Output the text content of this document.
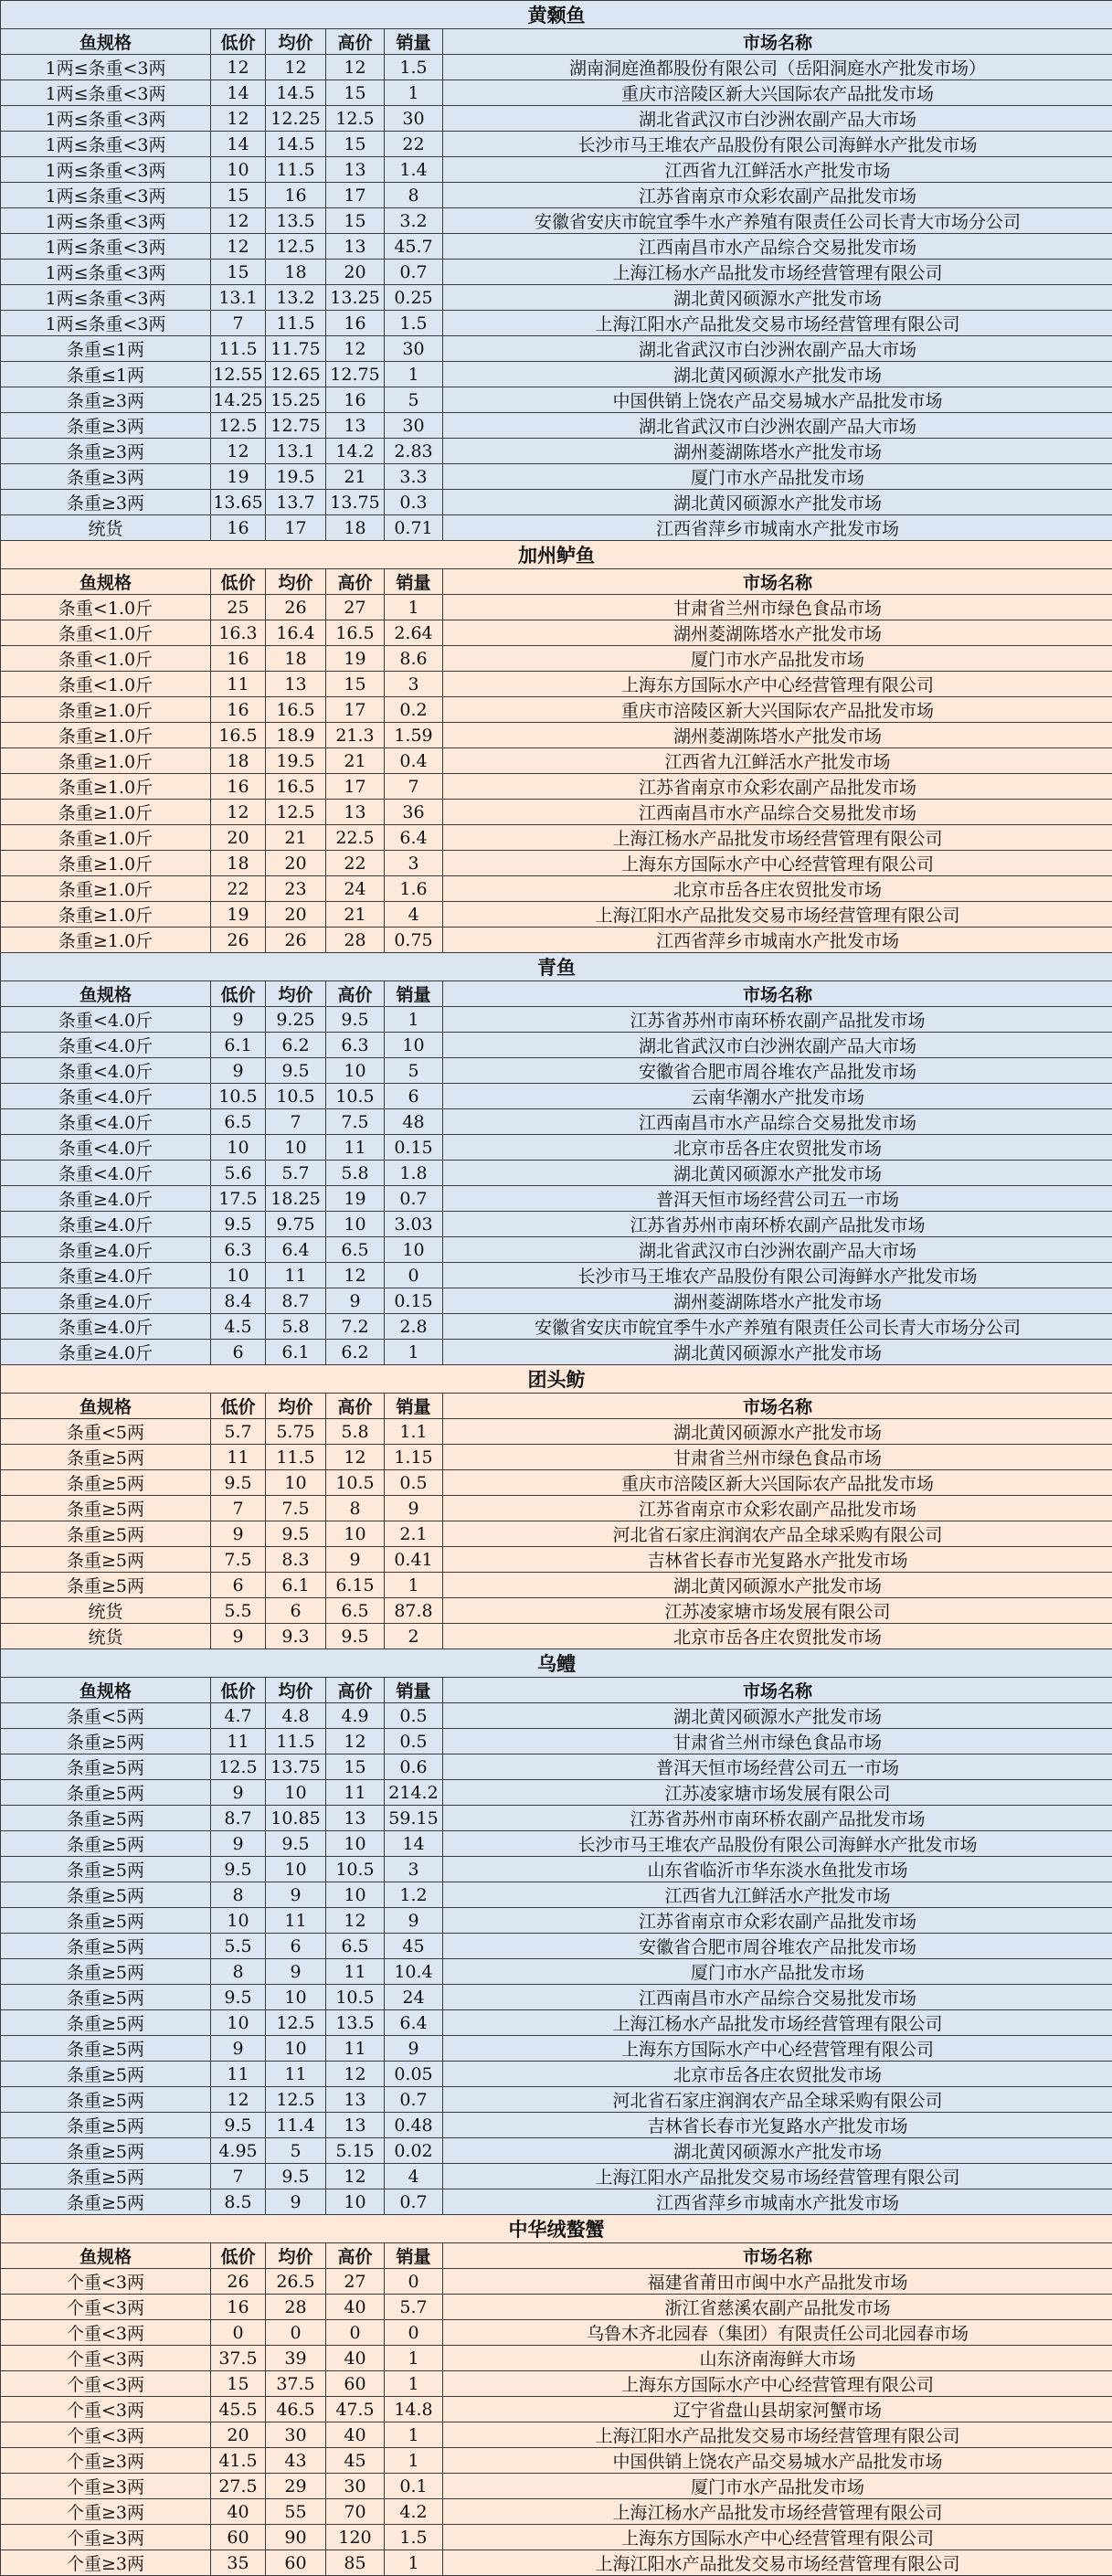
黄颡鱼					
鱼规格	低价	均价	高价	销量	市场名称
1两≤条重<3两	12	12	12	1.5	湖南洞庭渔都股份有限公司（岳阳洞庭水产批发市场）
1两≤条重<3两	14	14.5	15	1	重庆市涪陵区新大兴国际农产品批发市场
1两≤条重<3两	12	12.25	12.5	30	湖北省武汉市白沙洲农副产品大市场
1两≤条重<3两	14	14.5	15	22	长沙市马王堆农产品股份有限公司海鲜水产批发市场
1两≤条重<3两	10	11.5	13	1.4	江西省九江鲜活水产批发市场
1两≤条重<3两	15	16	17	8	江苏省南京市众彩农副产品批发市场
1两≤条重<3两	12	13.5	15	3.2	安徽省安庆市皖宜季牛水产养殖有限责任公司长青大市场分公司
1两≤条重<3两	12	12.5	13	45.7	江西南昌市水产品综合交易批发市场
1两≤条重<3两	15	18	20	0.7	上海江杨水产品批发市场经营管理有限公司
1两≤条重<3两	13.1	13.2	13.25	0.25	湖北黄冈硕源水产批发市场
1两≤条重<3两	7	11.5	16	1.5	上海江阳水产品批发交易市场经营管理有限公司
条重≤1两	11.5	11.75	12	30	湖北省武汉市白沙洲农副产品大市场
条重≤1两	12.55	12.65	12.75	1	湖北黄冈硕源水产批发市场
条重≥3两	14.25	15.25	16	5	中国供销上饶农产品交易城水产品批发市场
条重≥3两	12.5	12.75	13	30	湖北省武汉市白沙洲农副产品大市场
条重≥3两	12	13.1	14.2	2.83	湖州菱湖陈塔水产批发市场
条重≥3两	19	19.5	21	3.3	厦门市水产品批发市场
条重≥3两	13.65	13.7	13.75	0.3	湖北黄冈硕源水产批发市场
统货	16	17	18	0.71	江西省萍乡市城南水产批发市场
加州鲈鱼					
鱼规格	低价	均价	高价	销量	市场名称
条重<1.0斤	25	26	27	1	甘肃省兰州市绿色食品市场
条重<1.0斤	16.3	16.4	16.5	2.64	湖州菱湖陈塔水产批发市场
条重<1.0斤	16	18	19	8.6	厦门市水产品批发市场
条重<1.0斤	11	13	15	3	上海东方国际水产中心经营管理有限公司
条重≥1.0斤	16	16.5	17	0.2	重庆市涪陵区新大兴国际农产品批发市场
条重≥1.0斤	16.5	18.9	21.3	1.59	湖州菱湖陈塔水产批发市场
条重≥1.0斤	18	19.5	21	0.4	江西省九江鲜活水产批发市场
条重≥1.0斤	16	16.5	17	7	江苏省南京市众彩农副产品批发市场
条重≥1.0斤	12	12.5	13	36	江西南昌市水产品综合交易批发市场
条重≥1.0斤	20	21	22.5	6.4	上海江杨水产品批发市场经营管理有限公司
条重≥1.0斤	18	20	22	3	上海东方国际水产中心经营管理有限公司
条重≥1.0斤	22	23	24	1.6	北京市岳各庄农贸批发市场
条重≥1.0斤	19	20	21	4	上海江阳水产品批发交易市场经营管理有限公司
条重≥1.0斤	26	26	28	0.75	江西省萍乡市城南水产批发市场
青鱼					
鱼规格	低价	均价	高价	销量	市场名称
条重<4.0斤	9	9.25	9.5	1	江苏省苏州市南环桥农副产品批发市场
条重<4.0斤	6.1	6.2	6.3	10	湖北省武汉市白沙洲农副产品大市场
条重<4.0斤	9	9.5	10	5	安徽省合肥市周谷堆农产品批发市场
条重<4.0斤	10.5	10.5	10.5	6	云南华潮水产批发市场
条重<4.0斤	6.5	7	7.5	48	江西南昌市水产品综合交易批发市场
条重<4.0斤	10	10	11	0.15	北京市岳各庄农贸批发市场
条重<4.0斤	5.6	5.7	5.8	1.8	湖北黄冈硕源水产批发市场
条重≥4.0斤	17.5	18.25	19	0.7	普洱天恒市场经营公司五一市场
条重≥4.0斤	9.5	9.75	10	3.03	江苏省苏州市南环桥农副产品批发市场
条重≥4.0斤	6.3	6.4	6.5	10	湖北省武汉市白沙洲农副产品大市场
条重≥4.0斤	10	11	12	0	长沙市马王堆农产品股份有限公司海鲜水产批发市场
条重≥4.0斤	8.4	8.7	9	0.15	湖州菱湖陈塔水产批发市场
条重≥4.0斤	4.5	5.8	7.2	2.8	安徽省安庆市皖宜季牛水产养殖有限责任公司长青大市场分公司
条重≥4.0斤	6	6.1	6.2	1	湖北黄冈硕源水产批发市场
团头鲂					
鱼规格	低价	均价	高价	销量	市场名称
条重<5两	5.7	5.75	5.8	1.1	湖北黄冈硕源水产批发市场
条重≥5两	11	11.5	12	1.15	甘肃省兰州市绿色食品市场
条重≥5两	9.5	10	10.5	0.5	重庆市涪陵区新大兴国际农产品批发市场
条重≥5两	7	7.5	8	9	江苏省南京市众彩农副产品批发市场
条重≥5两	9	9.5	10	2.1	河北省石家庄润润农产品全球采购有限公司
条重≥5两	7.5	8.3	9	0.41	吉林省长春市光复路水产批发市场
条重≥5两	6	6.1	6.15	1	湖北黄冈硕源水产批发市场
统货	5.5	6	6.5	87.8	江苏凌家塘市场发展有限公司
统货	9	9.3	9.5	2	北京市岳各庄农贸批发市场
乌鳢					
鱼规格	低价	均价	高价	销量	市场名称
条重<5两	4.7	4.8	4.9	0.5	湖北黄冈硕源水产批发市场
条重≥5两	11	11.5	12	0.5	甘肃省兰州市绿色食品市场
条重≥5两	12.5	13.75	15	0.6	普洱天恒市场经营公司五一市场
条重≥5两	9	10	11	214.2	江苏凌家塘市场发展有限公司
条重≥5两	8.7	10.85	13	59.15	江苏省苏州市南环桥农副产品批发市场
条重≥5两	9	9.5	10	14	长沙市马王堆农产品股份有限公司海鲜水产批发市场
条重≥5两	9.5	10	10.5	3	山东省临沂市华东淡水鱼批发市场
条重≥5两	8	9	10	1.2	江西省九江鲜活水产批发市场
条重≥5两	10	11	12	9	江苏省南京市众彩农副产品批发市场
条重≥5两	5.5	6	6.5	45	安徽省合肥市周谷堆农产品批发市场
条重≥5两	8	9	11	10.4	厦门市水产品批发市场
条重≥5两	9.5	10	10.5	24	江西南昌市水产品综合交易批发市场
条重≥5两	10	12.5	13.5	6.4	上海江杨水产品批发市场经营管理有限公司
条重≥5两	9	10	11	9	上海东方国际水产中心经营管理有限公司
条重≥5两	11	11	12	0.05	北京市岳各庄农贸批发市场
条重≥5两	12	12.5	13	0.7	河北省石家庄润润农产品全球采购有限公司
条重≥5两	9.5	11.4	13	0.48	吉林省长春市光复路水产批发市场
条重≥5两	4.95	5	5.15	0.02	湖北黄冈硕源水产批发市场
条重≥5两	7	9.5	12	4	上海江阳水产品批发交易市场经营管理有限公司
条重≥5两	8.5	9	10	0.7	江西省萍乡市城南水产批发市场
中华绒螯蟹					
鱼规格	低价	均价	高价	销量	市场名称
个重<3两	26	26.5	27	0	福建省莆田市闽中水产品批发市场
个重<3两	16	28	40	5.7	浙江省慈溪农副产品批发市场
个重<3两	0	0	0	0	乌鲁木齐北园春（集团）有限责任公司北园春市场
个重<3两	37.5	39	40	1	山东济南海鲜大市场
个重<3两	15	37.5	60	1	上海东方国际水产中心经营管理有限公司
个重<3两	45.5	46.5	47.5	14.8	辽宁省盘山县胡家河蟹市场
个重<3两	20	30	40	1	上海江阳水产品批发交易市场经营管理有限公司
个重≥3两	41.5	43	45	1	中国供销上饶农产品交易城水产品批发市场
个重≥3两	27.5	29	30	0.1	厦门市水产品批发市场
个重≥3两	40	55	70	4.2	上海江杨水产品批发市场经营管理有限公司
个重≥3两	60	90	120	1.5	上海东方国际水产中心经营管理有限公司
个重≥3两	35	60	85	1	上海江阳水产品批发交易市场经营管理有限公司
